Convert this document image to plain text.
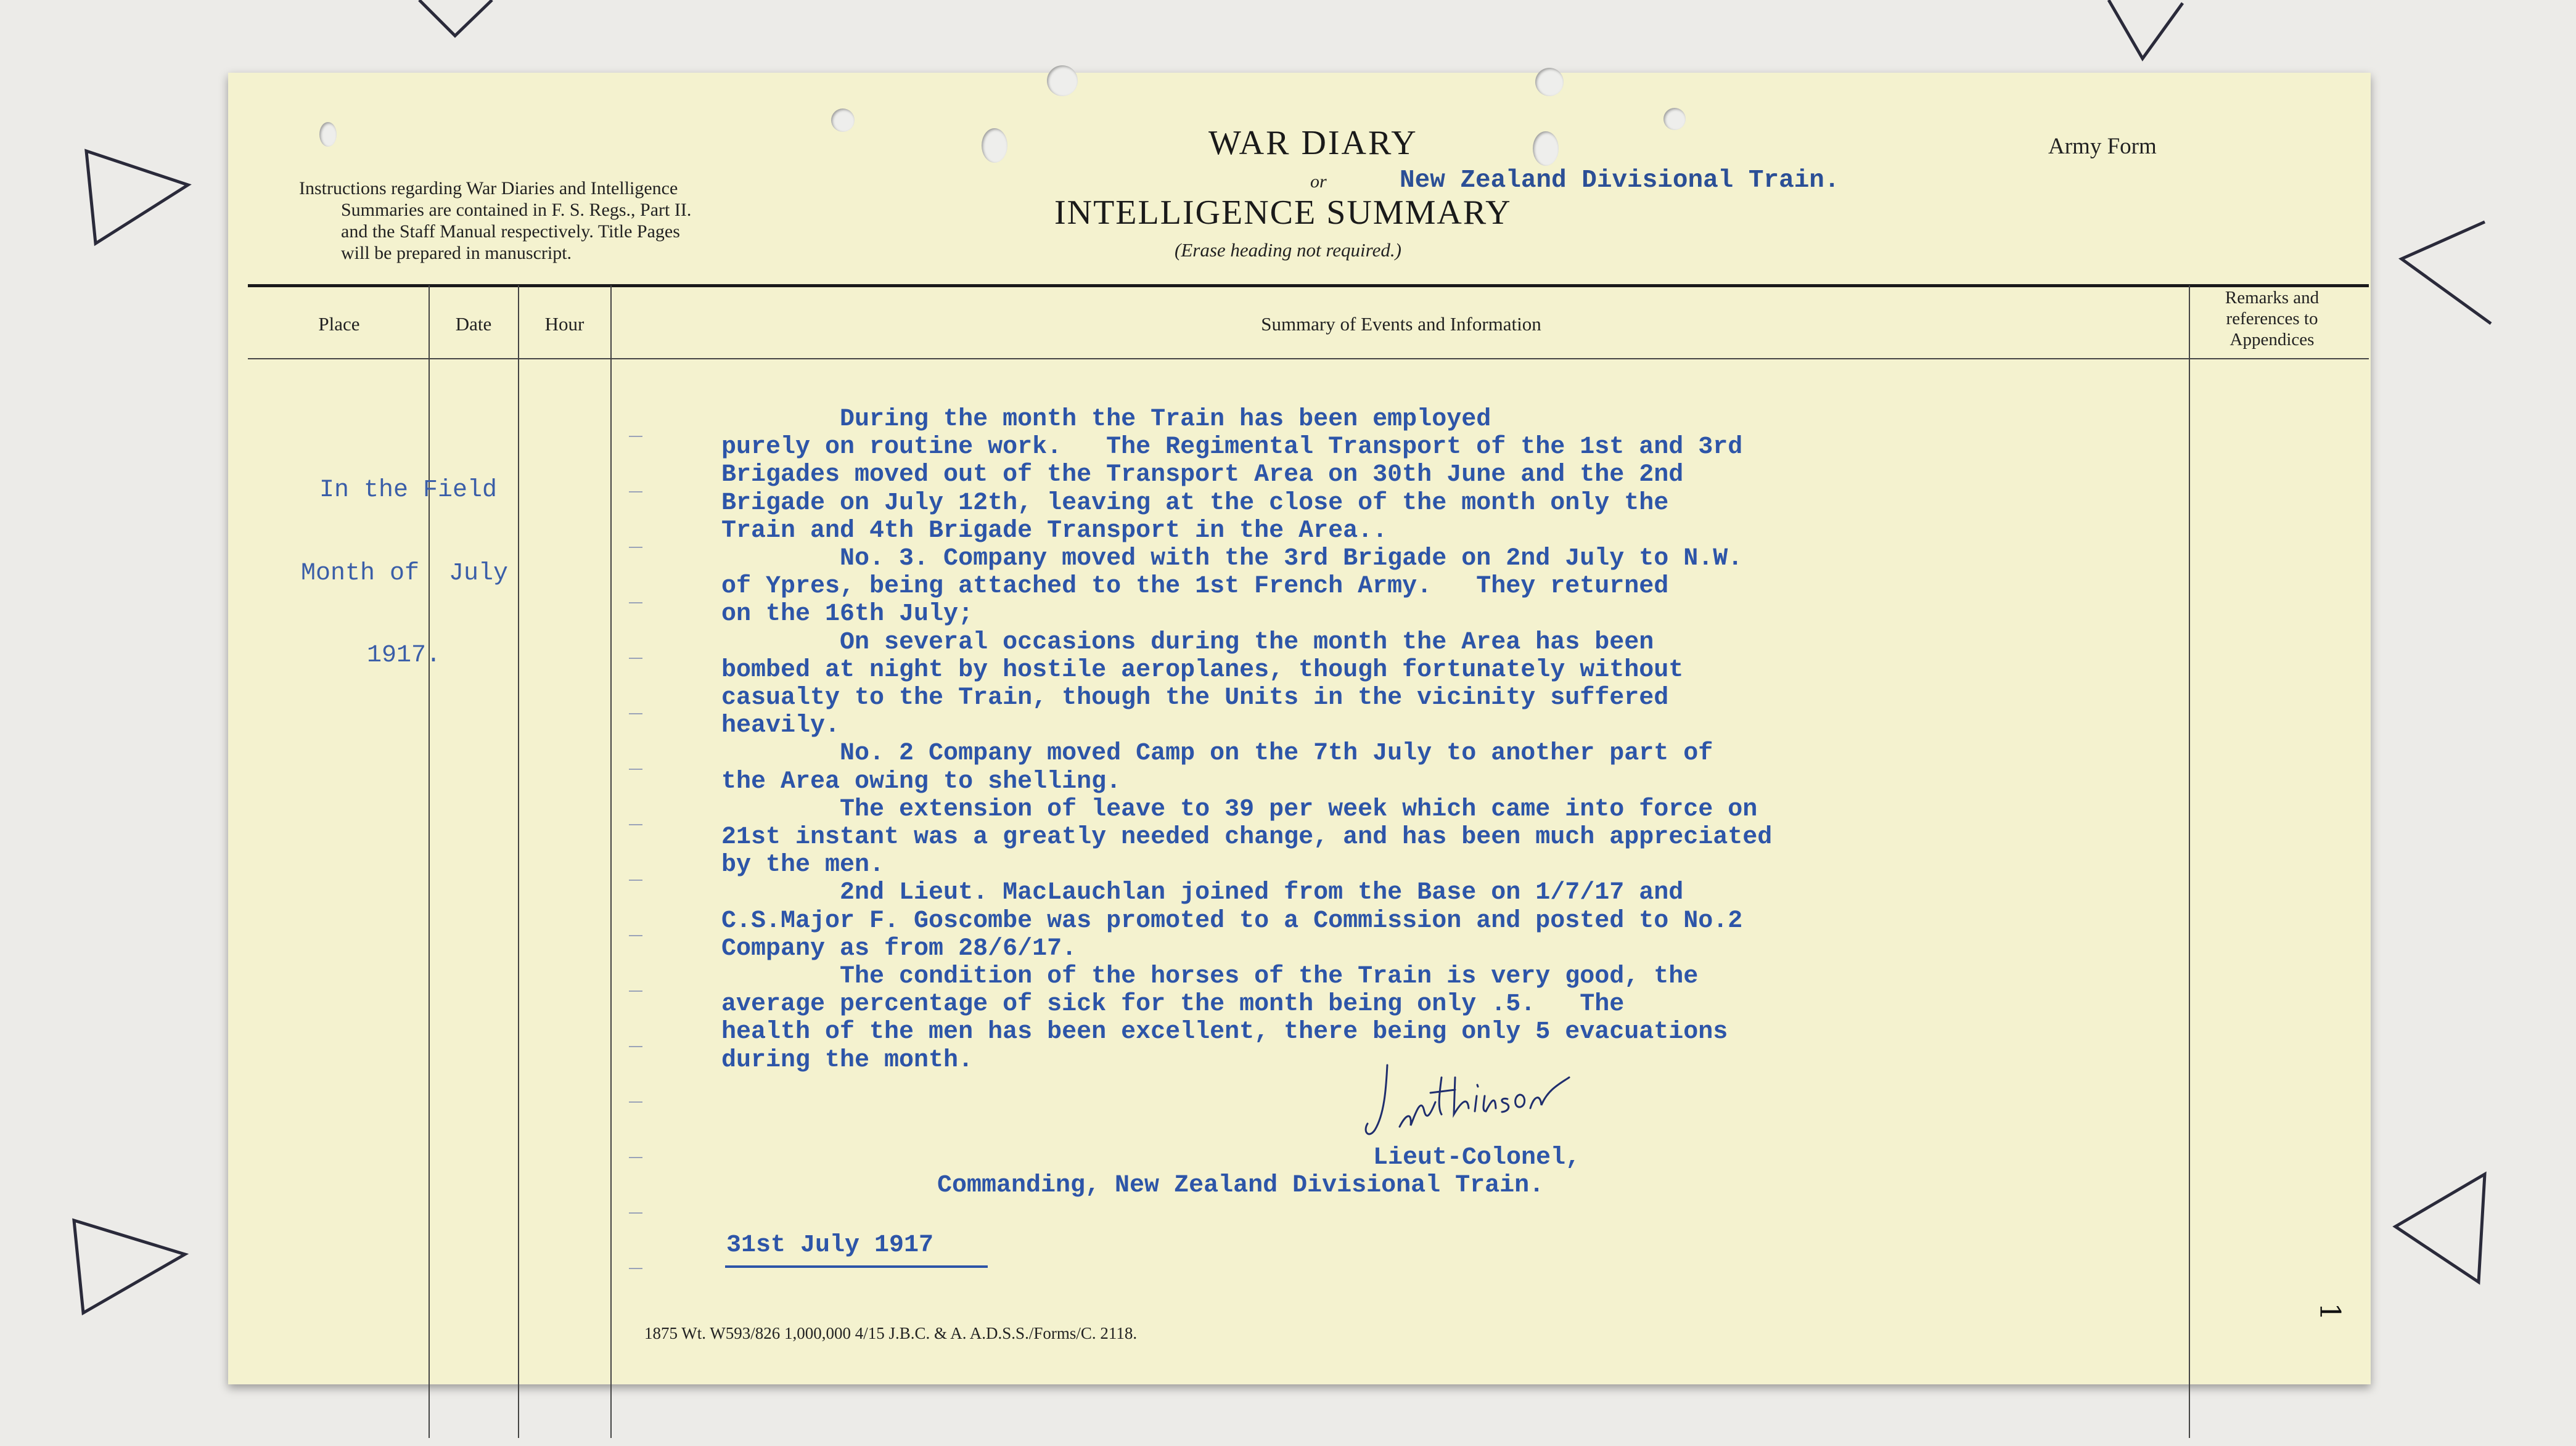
Instructions regarding War Diaries and Intelligence
Summaries are contained in F. S. Regs., Part II.
and the Staff Manual respectively. Title Pages
will be prepared in manuscript.
WAR DIARY
or	New Zealand Divisional Train.
INTELLIGENCE SUMMARY
(Erase heading not required.)
Army Form
Place	Date	Hour	Summary of Events and Information
Remarks and
references to
Appendices
In the Field
Month of  July
1917.
During the month the Train has been employed
purely on routine work.   The Regimental Transport of the 1st and 3rd
Brigades moved out of the Transport Area on 30th June and the 2nd
Brigade on July 12th, leaving at the close of the month only the
Train and 4th Brigade Transport in the Area..
No. 3. Company moved with the 3rd Brigade on 2nd July to N.W.
of Ypres, being attached to the 1st French Army.   They returned
on the 16th July;
On several occasions during the month the Area has been
bombed at night by hostile aeroplanes, though fortunately without
casualty to the Train, though the Units in the vicinity suffered
heavily.
No. 2 Company moved Camp on the 7th July to another part of
the Area owing to shelling.
The extension of leave to 39 per week which came into force on
21st instant was a greatly needed change, and has been much appreciated
by the men.
2nd Lieut. MacLauchlan joined from the Base on 1/7/17 and
C.S.Major F. Goscombe was promoted to a Commission and posted to No.2
Company as from 28/6/17.
The condition of the horses of the Train is very good, the
average percentage of sick for the month being only .5.   The
health of the men has been excellent, there being only 5 evacuations
during the month.
Lieut-Colonel,
Commanding, New Zealand Divisional Train.
31st July 1917
1875 Wt. W593/826 1,000,000 4/15 J.B.C. & A. A.D.S.S./Forms/C. 2118.
1
